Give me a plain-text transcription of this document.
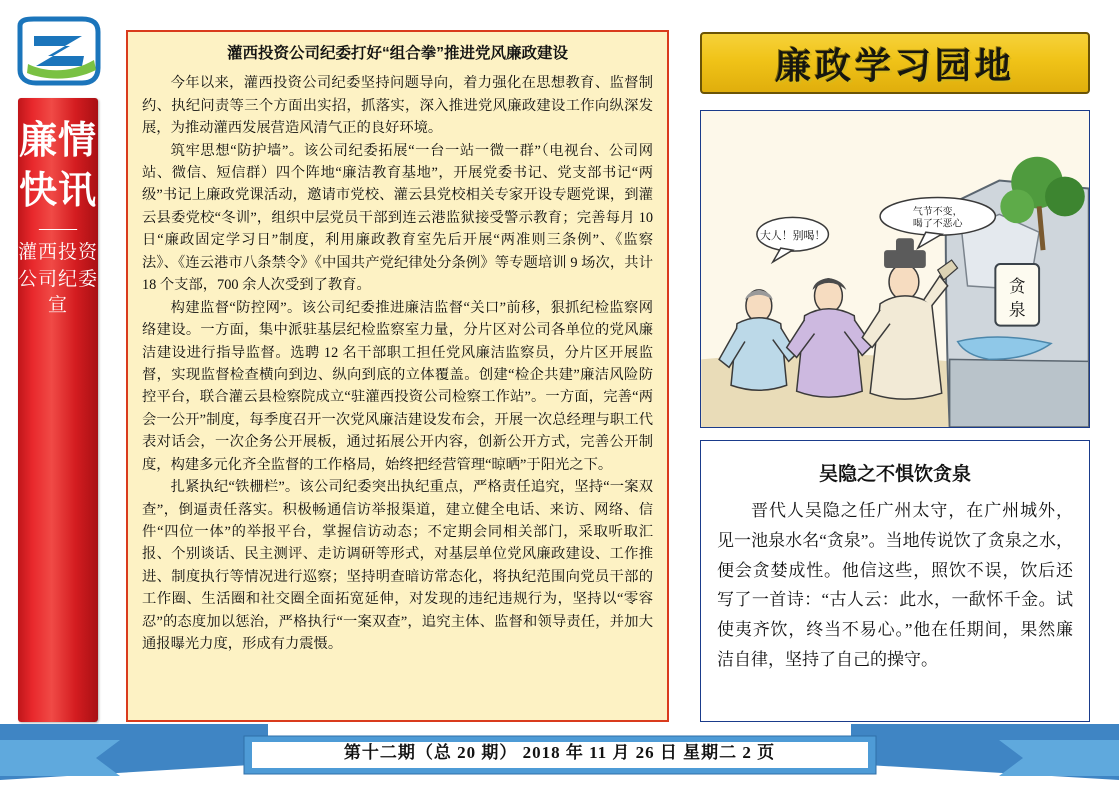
廉情快讯
——
灌西投资公司纪委宣
灌西投资公司纪委打好“组合拳”推进党风廉政建设

今年以来，灌西投资公司纪委坚持问题导向，着力强化在思想教育、监督制约、执纪问责等三个方面出实招，抓落实，深入推进党风廉政建设工作向纵深发展，为推动灌西发展营造风清气正的良好环境。

筑牢思想“防护墙”。该公司纪委拓展“一台一站一微一群”（电视台、公司网站、微信、短信群）四个阵地“廉洁教育基地”，开展党委书记、党支部书记“两级”书记上廉政党课活动，邀请市党校、灌云县党校相关专家开设专题党课，到灌云县委党校“冬训”，组织中层党员干部到连云港监狱接受警示教育；完善每月 10 日“廉政固定学习日”制度，利用廉政教育室先后开展“两准则三条例”、《监察法》、《连云港市八条禁令》《中国共产党纪律处分条例》等专题培训 9 场次，共计 18 个支部，700 余人次受到了教育。

构建监督“防控网”。该公司纪委推进廉洁监督“关口”前移，狠抓纪检监察网络建设。一方面，集中派驻基层纪检监察室力量，分片区对公司各单位的党风廉洁建设进行指导监督。选聘 12 名干部职工担任党风廉洁监察员，分片区开展监督，实现监督检查横向到边、纵向到底的立体覆盖。创建“检企共建”廉洁风险防控平台，联合灌云县检察院成立“驻灌西投资公司检察工作站”。一方面，完善“两会一公开”制度，每季度召开一次党风廉洁建设发布会，开展一次总经理与职工代表对话会，一次企务公开展板，通过拓展公开内容，创新公开方式，完善公开制度，构建多元化齐全监督的工作格局，始终把经营管理“晾晒”于阳光之下。

扎紧执纪“铁栅栏”。该公司纪委突出执纪重点，严格责任追究，坚持“一案双查”，倒逼责任落实。积极畅通信访举报渠道，建立健全电话、来访、网络、信件“四位一体”的举报平台，掌握信访动态；不定期会同相关部门，采取听取汇报、个别谈话、民主测评、走访调研等形式，对基层单位党风廉政建设、工作推进、制度执行等情况进行巡察；坚持明查暗访常态化，将执纪范围向党员干部的工作圈、生活圈和社交圈全面拓宽延伸，对发现的违纪违规行为，坚持以“零容忍”的态度加以惩治，严格执行“一案双查”，追究主体、监督和领导责任，并加大通报曝光力度，形成有力震慑。

廉政学习园地
贪
泉
大人！别喝！
气节不变，
喝了不恶心
吴隐之不惧饮贪泉

晋代人吴隐之任广州太守，在广州城外，见一池泉水名“贪泉”。当地传说饮了贪泉之水，便会贪婪成性。他信这些，照饮不误，饮后还写了一首诗：“古人云：此水，一歃怀千金。试使夷齐饮，终当不易心。”他在任期间，果然廉洁自律，坚持了自己的操守。

第十二期（总 20 期） 2018 年 11 月 26 日 星期二 2 页
